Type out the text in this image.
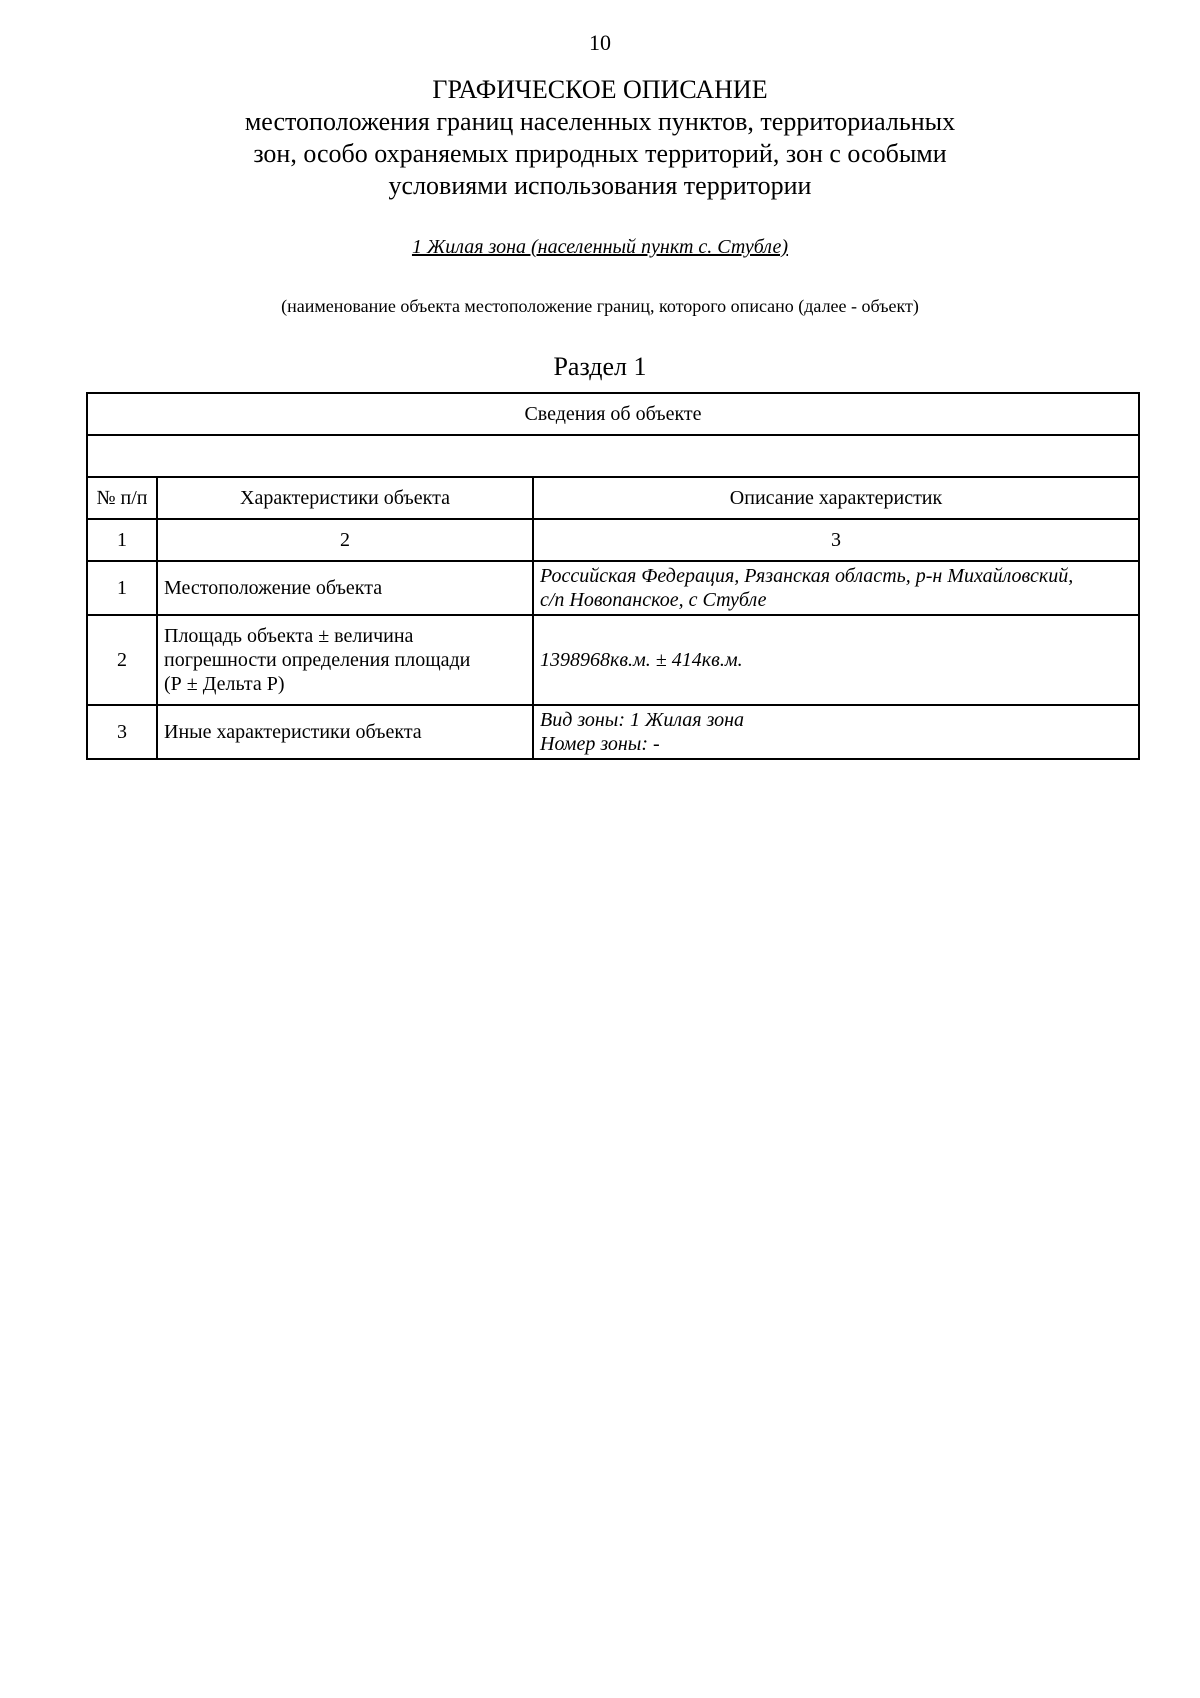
10
ГРАФИЧЕСКОЕ ОПИСАНИЕ
местоположения границ населенных пунктов, территориальных
зон, особо охраняемых природных территорий, зон с особыми
условиями использования территории
1 Жилая зона (населенный пункт с. Стубле)
(наименование объекта местоположение границ, которого описано (далее - объект)
Раздел 1
Сведения об объекте		

№ п/п	Характеристики объекта	Описание характеристик
1	2	3
1	Местоположение объекта	Российская Федерация, Рязанская область, р-н Михайловский,
с/п Новопанское, с Стубле

2	Площадь объекта ± величина
погрешности определения площади
(Р ± Дельта Р)	1398968кв.м. ± 414кв.м.

3	Иные характеристики объекта	Вид зоны: 1 Жилая зона
Номер зоны: -
